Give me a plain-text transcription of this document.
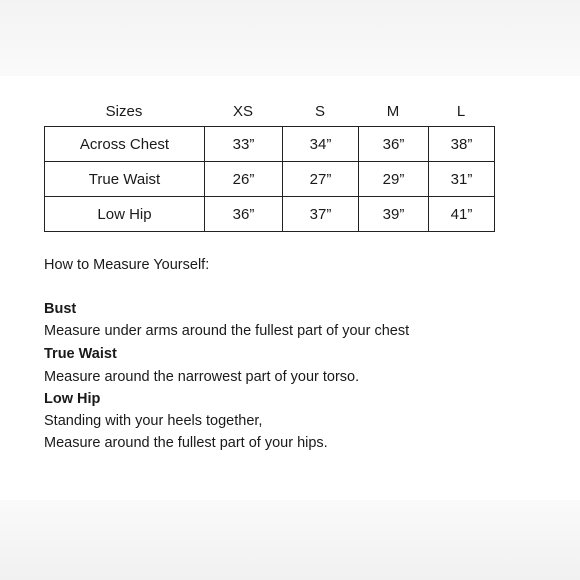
Sizes	XS	S	M	L
Across Chest	33”	34”	36”	38”
True Waist	26”	27”	29”	31”
Low Hip	36”	37”	39”	41”
How to Measure Yourself:
Bust
Measure under arms around the fullest part of your chest
True Waist
Measure around the narrowest part of your torso.
Low Hip
Standing with your heels together,
Measure around the fullest part of your hips.
